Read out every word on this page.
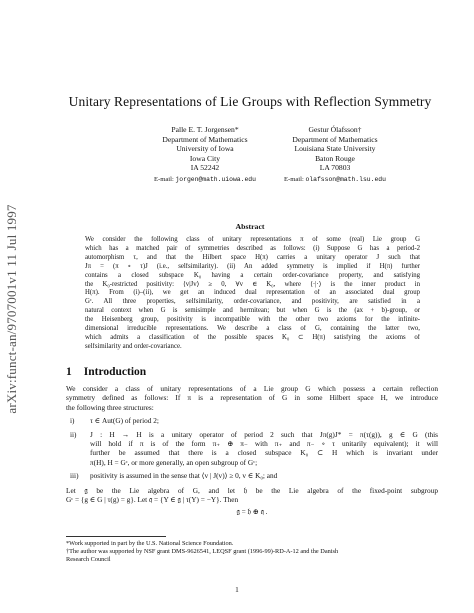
arXiv:funct-an/9707001v1 11 Jul 1997
Unitary Representations of Lie Groups with Reflection Symmetry
Palle E. T. Jorgensen*
Department of Mathematics
University of Iowa
Iowa City
IA 52242
E-mail: jorgen@math.uiowa.edu
Gestur Ólafsson†
Department of Mathematics
Louisiana State University
Baton Rouge
LA 70803
E-mail: olafsson@math.lsu.edu
Abstract
We consider the following class of unitary representations π of some (real) Lie group G
which has a matched pair of symmetries described as follows: (i) Suppose G has a period-2
automorphism τ, and that the Hilbert space H(π) carries a unitary operator J such that
Jπ = (π ∘ τ)J (i.e., selfsimilarity). (ii) An added symmetry is implied if H(π) further
contains a closed subspace K₀ having a certain order-covariance property, and satisfying
the K₀-restricted positivity: ⟨v|Jv⟩ ≥ 0, ∀v ∈ K₀, where ⟨·|·⟩ is the inner product in
H(π). From (i)–(ii), we get an induced dual representation of an associated dual group
Gᶜ. All three properties, selfsimilarity, order-covariance, and positivity, are satisfied in a
natural context when G is semisimple and hermitean; but when G is the (ax + b)-group, or
the Heisenberg group, positivity is incompatible with the other two axioms for the infinite-
dimensional irreducible representations. We describe a class of G, containing the latter two,
which admits a classification of the possible spaces K₀ ⊂ H(π) satisfying the axioms of
selfsimilarity and order-covariance.
1 Introduction
We consider a class of unitary representations of a Lie group G which possess a certain reflection
symmetry defined as follows: If π is a representation of G in some Hilbert space H, we introduce
the following three structures:
i) τ ∈ Aut(G) of period 2;
ii) J : H → H is a unitary operator of period 2 such that Jπ(g)J* = π(τ(g)), g ∈ G (this
will hold if π is of the form π₊ ⊕ π₋ with π₊ and π₋ ∘ τ unitarily equivalent); it will
further be assumed that there is a closed subspace K₀ ⊂ H which is invariant under
π(H), H = Gᶜ, or more generally, an open subgroup of Gᶜ;
iii) positivity is assumed in the sense that ⟨v | J(v)⟩ ≥ 0, v ∈ K₀; and
Let 𝔤 be the Lie algebra of G, and let 𝔥 be the Lie algebra of the fixed-point subgroup
Gᶜ = {g ∈ G | τ(g) = g}. Let 𝔮 = {Y ∈ 𝔤 | τ(Y) = −Y}. Then
𝔤 = 𝔥 ⊕ 𝔮 .
*Work supported in part by the U.S. National Science Foundation.
†The author was supported by NSF grant DMS-9626541, LEQSF grant (1996-99)-RD-A-12 and the Danish
Research Council
1
